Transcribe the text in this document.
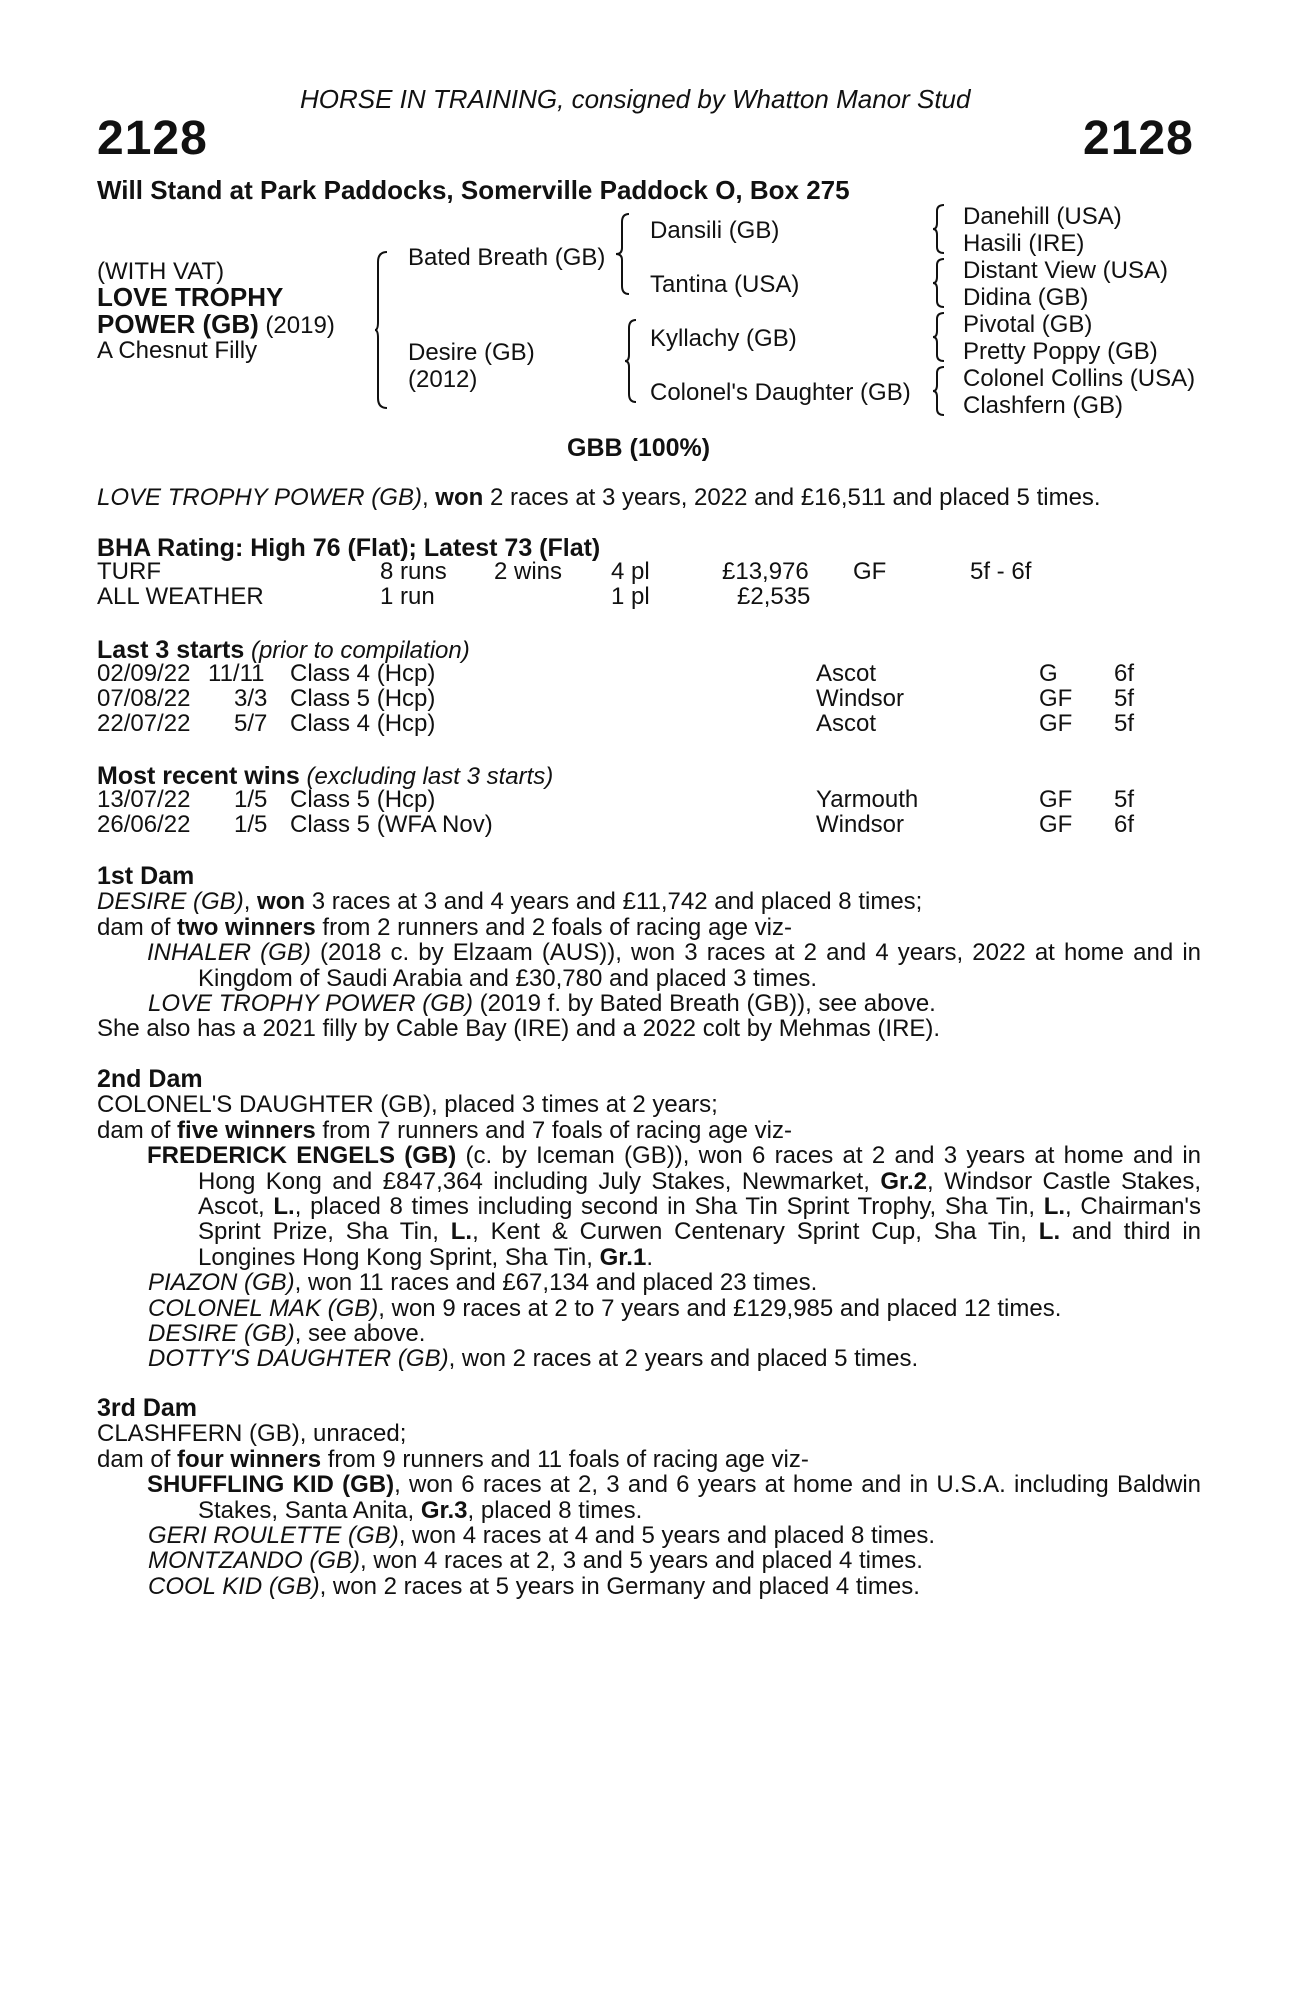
HORSE IN TRAINING, consigned by Whatton Manor Stud
2128	2128
Will Stand at Park Paddocks, Somerville Paddock O, Box 275
(WITH VAT)
LOVE TROPHY
POWER (GB) (2019)
A Chesnut Filly
Bated Breath (GB)
Desire (GB)
(2012)
Dansili (GB)
Tantina (USA)
Kyllachy (GB)
Colonel's Daughter (GB)
Danehill (USA)
Hasili (IRE)
Distant View (USA)
Didina (GB)
Pivotal (GB)
Pretty Poppy (GB)
Colonel Collins (USA)
Clashfern (GB)
GBB (100%)
LOVE TROPHY POWER (GB), won 2 races at 3 years, 2022 and £16,511 and placed 5 times.
BHA Rating: High 76 (Flat); Latest 73 (Flat)
TURF	8 runs 2 wins 4 pl	£13,976 GF	5f - 6f
ALL WEATHER	1 run	1 pl	£2,535
Last 3 starts (prior to compilation)
02/09/22 11/11 Class 4 (Hcp)	Ascot	G 6f
07/08/22 3/3 Class 5 (Hcp)	Windsor	GF 5f
22/07/22 5/7 Class 4 (Hcp)	Ascot	GF 5f
Most recent wins (excluding last 3 starts)
13/07/22 1/5 Class 5 (Hcp)	Yarmouth	GF 5f
26/06/22 1/5 Class 5 (WFA Nov)	Windsor	GF 6f

1st Dam

DESIRE (GB), won 3 races at 3 and 4 years and £11,742 and placed 8 times;

dam of two winners from 2 runners and 2 foals of racing age viz-

INHALER (GB) (2018 c. by Elzaam (AUS)), won 3 races at 2 and 4 years, 2022 at home and in Kingdom of Saudi Arabia and £30,780 and placed 3 times.

LOVE TROPHY POWER (GB) (2019 f. by Bated Breath (GB)), see above.

She also has a 2021 filly by Cable Bay (IRE) and a 2022 colt by Mehmas (IRE).

2nd Dam

COLONEL'S DAUGHTER (GB), placed 3 times at 2 years;

dam of five winners from 7 runners and 7 foals of racing age viz-

FREDERICK ENGELS (GB) (c. by Iceman (GB)), won 6 races at 2 and 3 years at home and in Hong Kong and £847,364 including July Stakes, Newmarket, Gr.2, Windsor Castle Stakes, Ascot, L., placed 8 times including second in Sha Tin Sprint Trophy, Sha Tin, L., Chairman's Sprint Prize, Sha Tin, L., Kent & Curwen Centenary Sprint Cup, Sha Tin, L. and third in Longines Hong Kong Sprint, Sha Tin, Gr.1.

PIAZON (GB), won 11 races and £67,134 and placed 23 times.

COLONEL MAK (GB), won 9 races at 2 to 7 years and £129,985 and placed 12 times.

DESIRE (GB), see above.

DOTTY'S DAUGHTER (GB), won 2 races at 2 years and placed 5 times.

3rd Dam

CLASHFERN (GB), unraced;

dam of four winners from 9 runners and 11 foals of racing age viz-

SHUFFLING KID (GB), won 6 races at 2, 3 and 6 years at home and in U.S.A. including Baldwin Stakes, Santa Anita, Gr.3, placed 8 times.

GERI ROULETTE (GB), won 4 races at 4 and 5 years and placed 8 times.

MONTZANDO (GB), won 4 races at 2, 3 and 5 years and placed 4 times.

COOL KID (GB), won 2 races at 5 years in Germany and placed 4 times.
